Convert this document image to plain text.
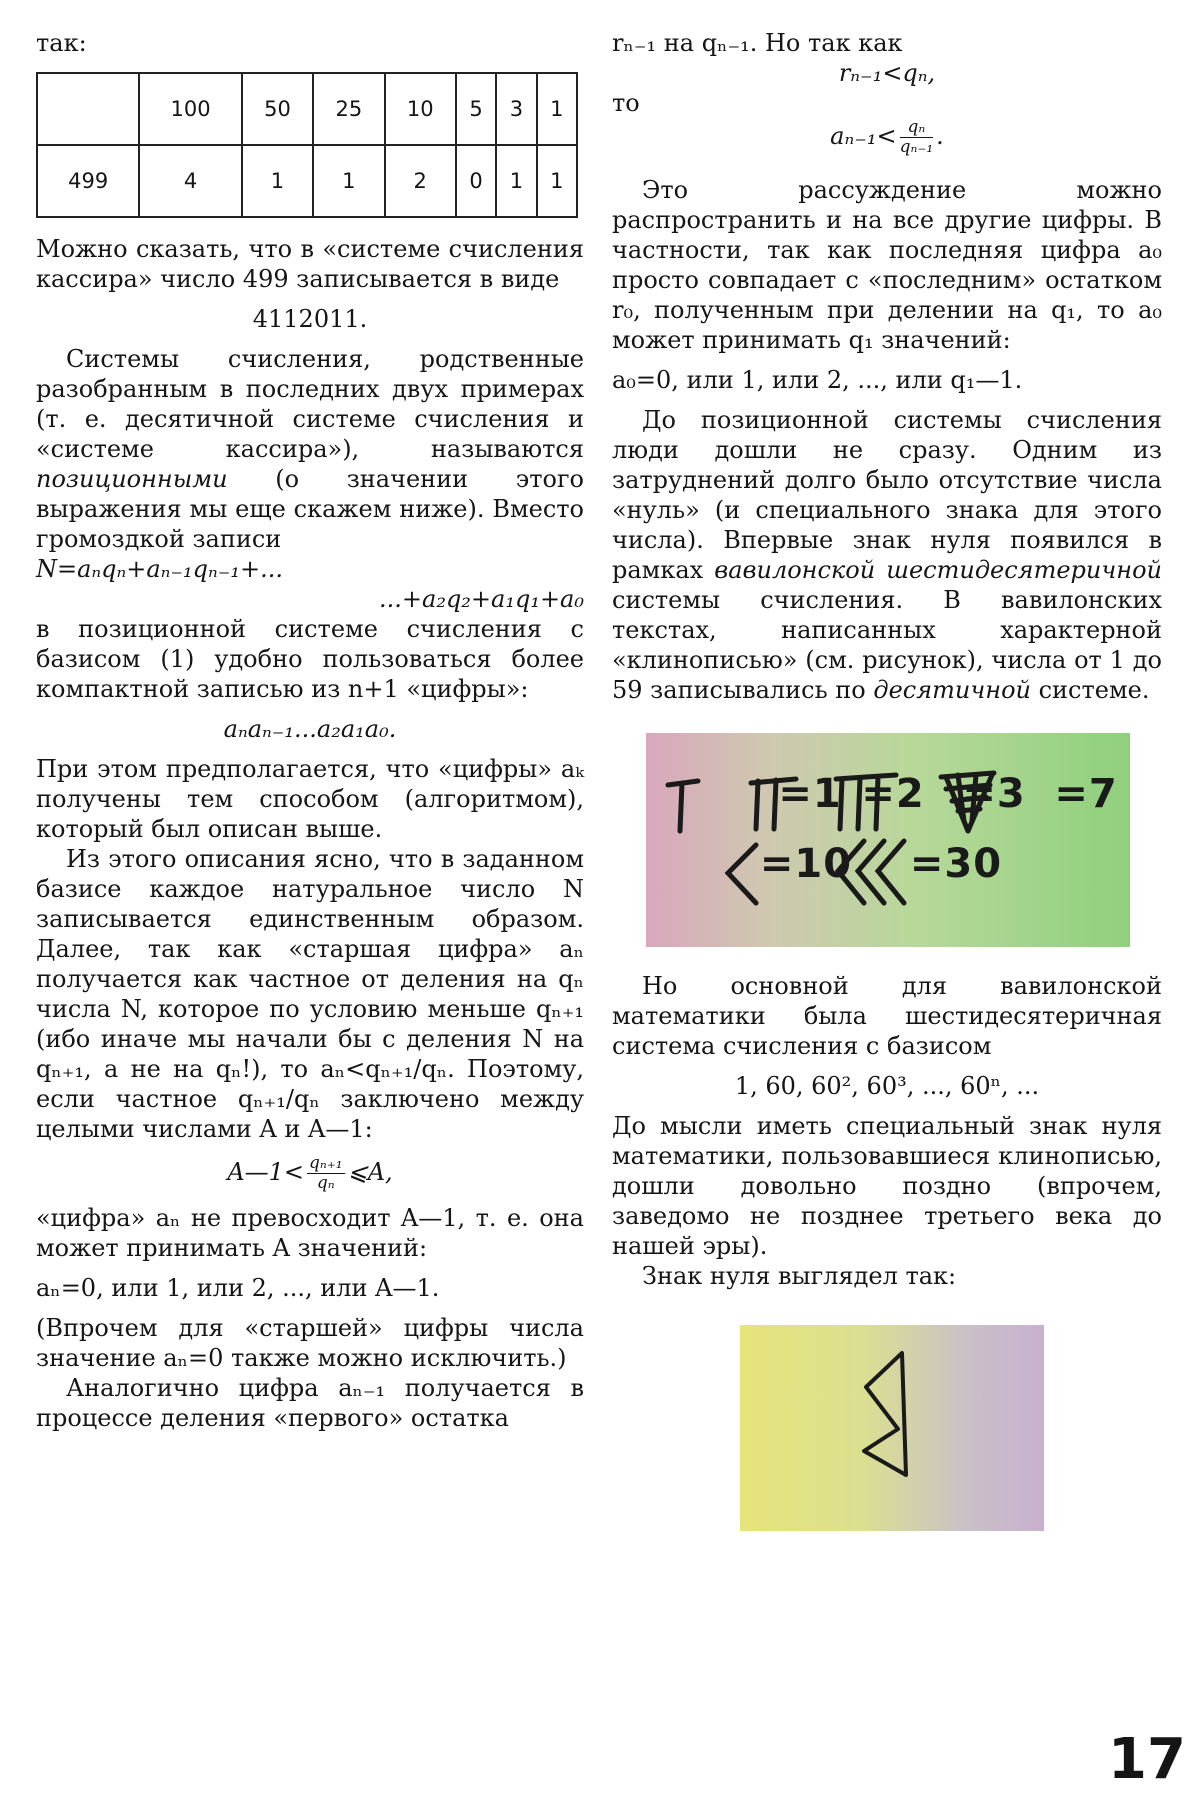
так:

	100	50	25	10	5	3	1
499	4	1	1	2	0	1	1

Можно сказать, что в «системе счисления кассира» число 499 записывается в виде

4112011.

Системы счисления, родственные разобранным в последних двух примерах (т. е. десятичной системе счисления и «системе кассира»), называются позиционными (о значении этого выражения мы еще скажем ниже). Вместо громоздкой записи

N=aₙqₙ+aₙ₋₁qₙ₋₁+...

...+a₂q₂+a₁q₁+a₀

в позиционной системе счисления с базисом (1) удобно пользоваться более компактной записью из n+1 «цифры»:

aₙaₙ₋₁...a₂a₁a₀.

При этом предполагается, что «цифры» aₖ получены тем способом (алгоритмом), который был описан выше.

Из этого описания ясно, что в заданном базисе каждое натуральное число N записывается единственным образом. Далее, так как «старшая цифра» aₙ получается как частное от деления на qₙ числа N, которое по условию меньше qₙ₊₁ (ибо иначе мы начали бы с деления N на qₙ₊₁, а не на qₙ!), то aₙ<qₙ₊₁/qₙ. Поэтому, если частное qₙ₊₁/qₙ заключено между целыми числами A и A—1:

A—1< $\frac{\text{qₙ₊₁}}{\text{qₙ}}$ ⩽A,

«цифра» aₙ не превосходит A—1, т. е. она может принимать A значений:

aₙ=0, или 1, или 2, ..., или A—1.

(Впрочем для «старшей» цифры числа значение aₙ=0 также можно исключить.)

Аналогично цифра aₙ₋₁ получается в процессе деления «первого» остатка

rₙ₋₁ на qₙ₋₁. Но так как

rₙ₋₁<qₙ,

то

$a_{n-1}< \frac{\text{qₙ}}{\text{qₙ₋₁}}$ .

Это рассуждение можно распространить и на все другие цифры. В частности, так как последняя цифра a₀ просто совпадает с «последним» остатком r₀, полученным при делении на q₁, то a₀ может принимать q₁ значений:

a₀=0, или 1, или 2, ..., или q₁—1.

До позиционной системы счисления люди дошли не сразу. Одним из затруднений долго было отсутствие числа «нуль» (и специального знака для этого числа). Впервые знак нуля появился в рамках вавилонской шестидесятеричной системы счисления. В вавилонских текстах, написанных характерной «клинописью» (см. рисунок), числа от 1 до 59 записывались по десятичной системе.

=1 =2 =3 =7
=10	=30

Но основной для вавилонской математики была шестидесятеричная система счисления с базисом

1, 60, 60², 60³, ..., 60ⁿ, ...

До мысли иметь специальный знак нуля математики, пользовавшиеся клинописью, дошли довольно поздно (впрочем, заведомо не позднее третьего века до нашей эры).

Знак нуля выглядел так:

17
